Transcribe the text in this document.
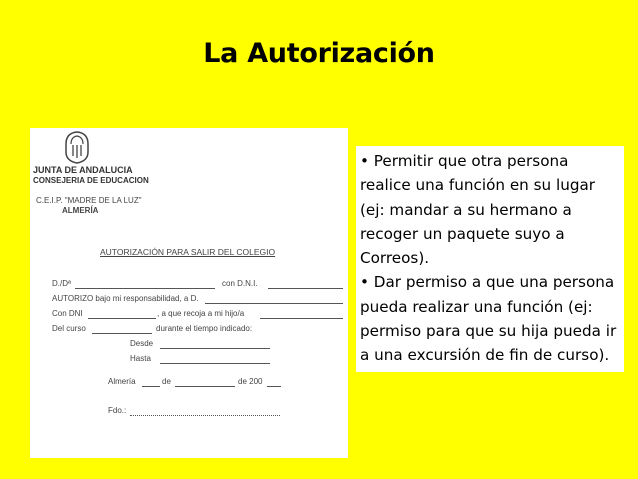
La Autorización
JUNTA DE ANDALUCIA
CONSEJERIA DE EDUCACION
C.E.I.P. "MADRE DE LA LUZ"
ALMERÍA
AUTORIZACIÓN PARA SALIR DEL COLEGIO
D./Dª	con D.N.I.
AUTORIZO bajo mi responsabilidad, a D.
Con DNI	, a que recoja a mi hijo/a
Del curso	durante el tiempo indicado:
Desde
Hasta
Almería	de	de 200
Fdo.:
• Permitir que otra persona realice una función en su lugar (ej: mandar a su hermano a recoger un paquete suyo a Correos).
• Dar permiso a que una persona pueda realizar una función (ej: permiso para que su hija pueda ir a una excursión de fin de curso).
